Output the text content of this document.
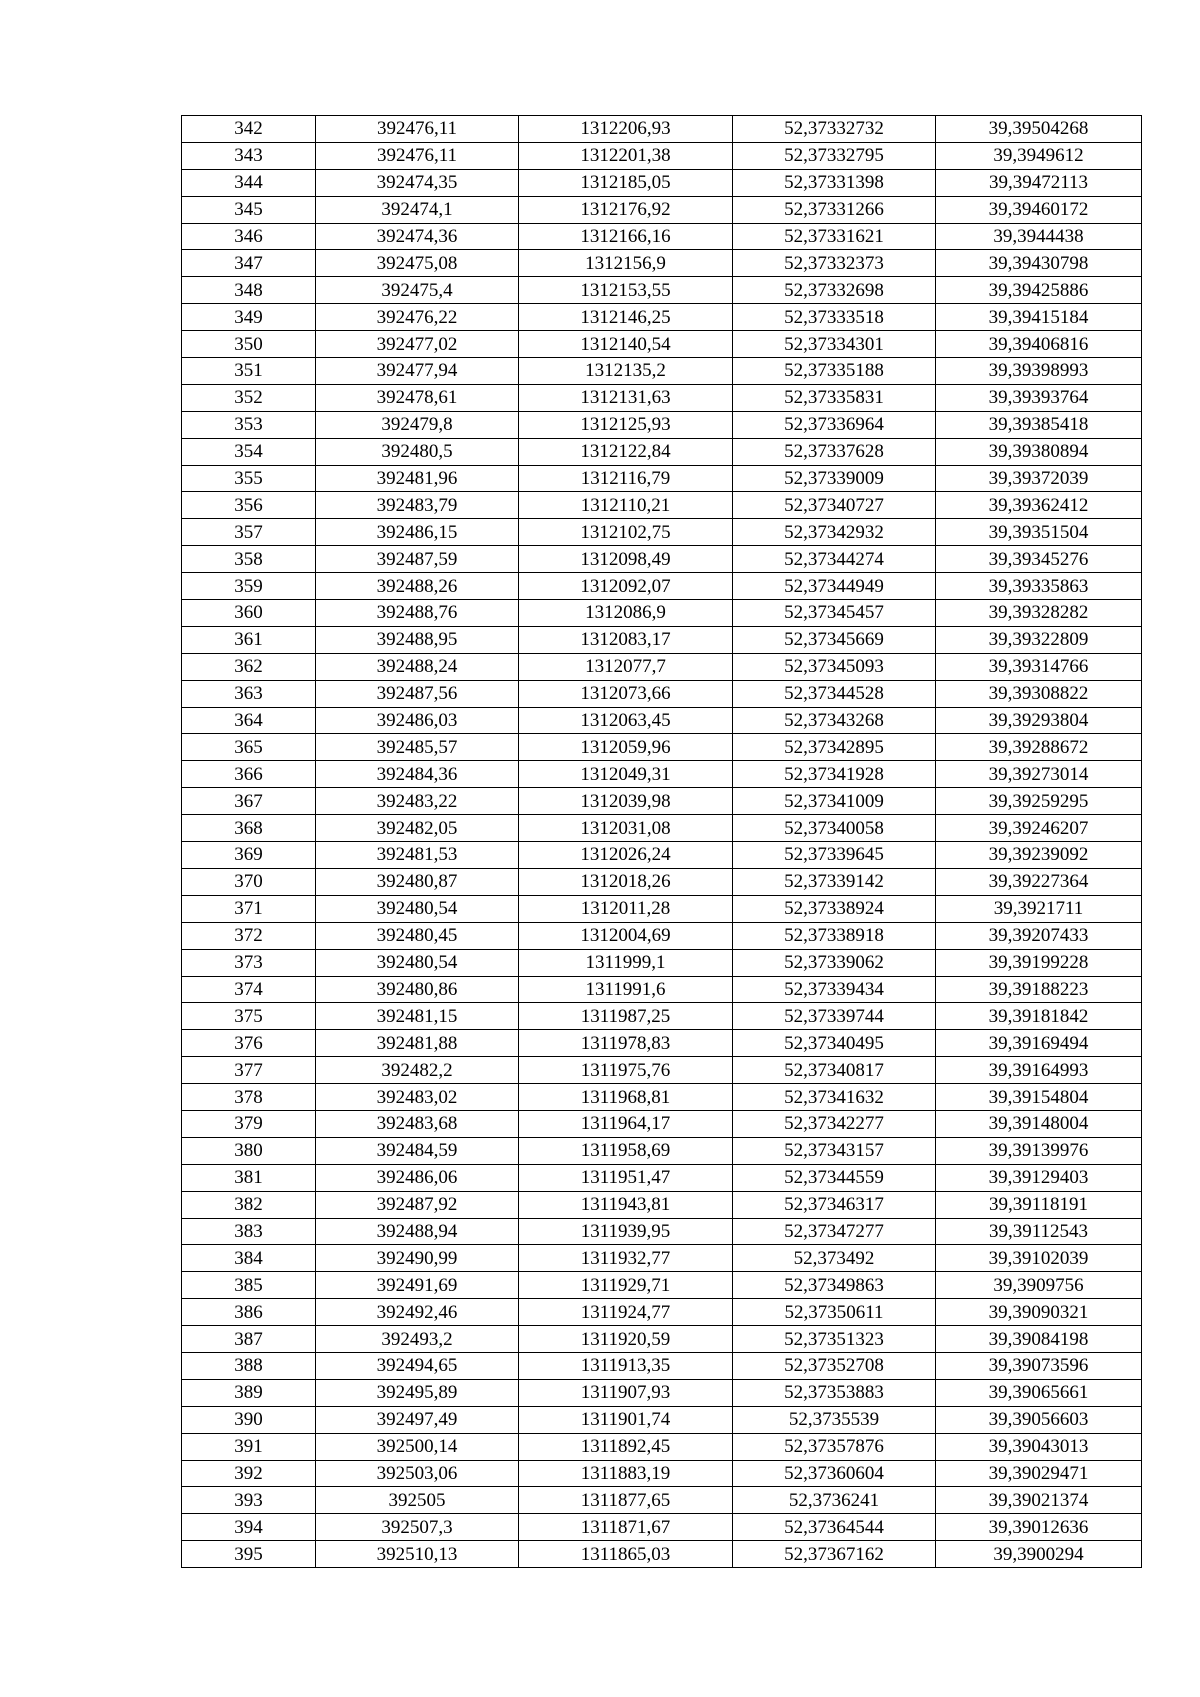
342	392476,11	1312206,93	52,37332732	39,39504268
343	392476,11	1312201,38	52,37332795	39,3949612
344	392474,35	1312185,05	52,37331398	39,39472113
345	392474,1	1312176,92	52,37331266	39,39460172
346	392474,36	1312166,16	52,37331621	39,3944438
347	392475,08	1312156,9	52,37332373	39,39430798
348	392475,4	1312153,55	52,37332698	39,39425886
349	392476,22	1312146,25	52,37333518	39,39415184
350	392477,02	1312140,54	52,37334301	39,39406816
351	392477,94	1312135,2	52,37335188	39,39398993
352	392478,61	1312131,63	52,37335831	39,39393764
353	392479,8	1312125,93	52,37336964	39,39385418
354	392480,5	1312122,84	52,37337628	39,39380894
355	392481,96	1312116,79	52,37339009	39,39372039
356	392483,79	1312110,21	52,37340727	39,39362412
357	392486,15	1312102,75	52,37342932	39,39351504
358	392487,59	1312098,49	52,37344274	39,39345276
359	392488,26	1312092,07	52,37344949	39,39335863
360	392488,76	1312086,9	52,37345457	39,39328282
361	392488,95	1312083,17	52,37345669	39,39322809
362	392488,24	1312077,7	52,37345093	39,39314766
363	392487,56	1312073,66	52,37344528	39,39308822
364	392486,03	1312063,45	52,37343268	39,39293804
365	392485,57	1312059,96	52,37342895	39,39288672
366	392484,36	1312049,31	52,37341928	39,39273014
367	392483,22	1312039,98	52,37341009	39,39259295
368	392482,05	1312031,08	52,37340058	39,39246207
369	392481,53	1312026,24	52,37339645	39,39239092
370	392480,87	1312018,26	52,37339142	39,39227364
371	392480,54	1312011,28	52,37338924	39,3921711
372	392480,45	1312004,69	52,37338918	39,39207433
373	392480,54	1311999,1	52,37339062	39,39199228
374	392480,86	1311991,6	52,37339434	39,39188223
375	392481,15	1311987,25	52,37339744	39,39181842
376	392481,88	1311978,83	52,37340495	39,39169494
377	392482,2	1311975,76	52,37340817	39,39164993
378	392483,02	1311968,81	52,37341632	39,39154804
379	392483,68	1311964,17	52,37342277	39,39148004
380	392484,59	1311958,69	52,37343157	39,39139976
381	392486,06	1311951,47	52,37344559	39,39129403
382	392487,92	1311943,81	52,37346317	39,39118191
383	392488,94	1311939,95	52,37347277	39,39112543
384	392490,99	1311932,77	52,373492	39,39102039
385	392491,69	1311929,71	52,37349863	39,3909756
386	392492,46	1311924,77	52,37350611	39,39090321
387	392493,2	1311920,59	52,37351323	39,39084198
388	392494,65	1311913,35	52,37352708	39,39073596
389	392495,89	1311907,93	52,37353883	39,39065661
390	392497,49	1311901,74	52,3735539	39,39056603
391	392500,14	1311892,45	52,37357876	39,39043013
392	392503,06	1311883,19	52,37360604	39,39029471
393	392505	1311877,65	52,3736241	39,39021374
394	392507,3	1311871,67	52,37364544	39,39012636
395	392510,13	1311865,03	52,37367162	39,3900294
